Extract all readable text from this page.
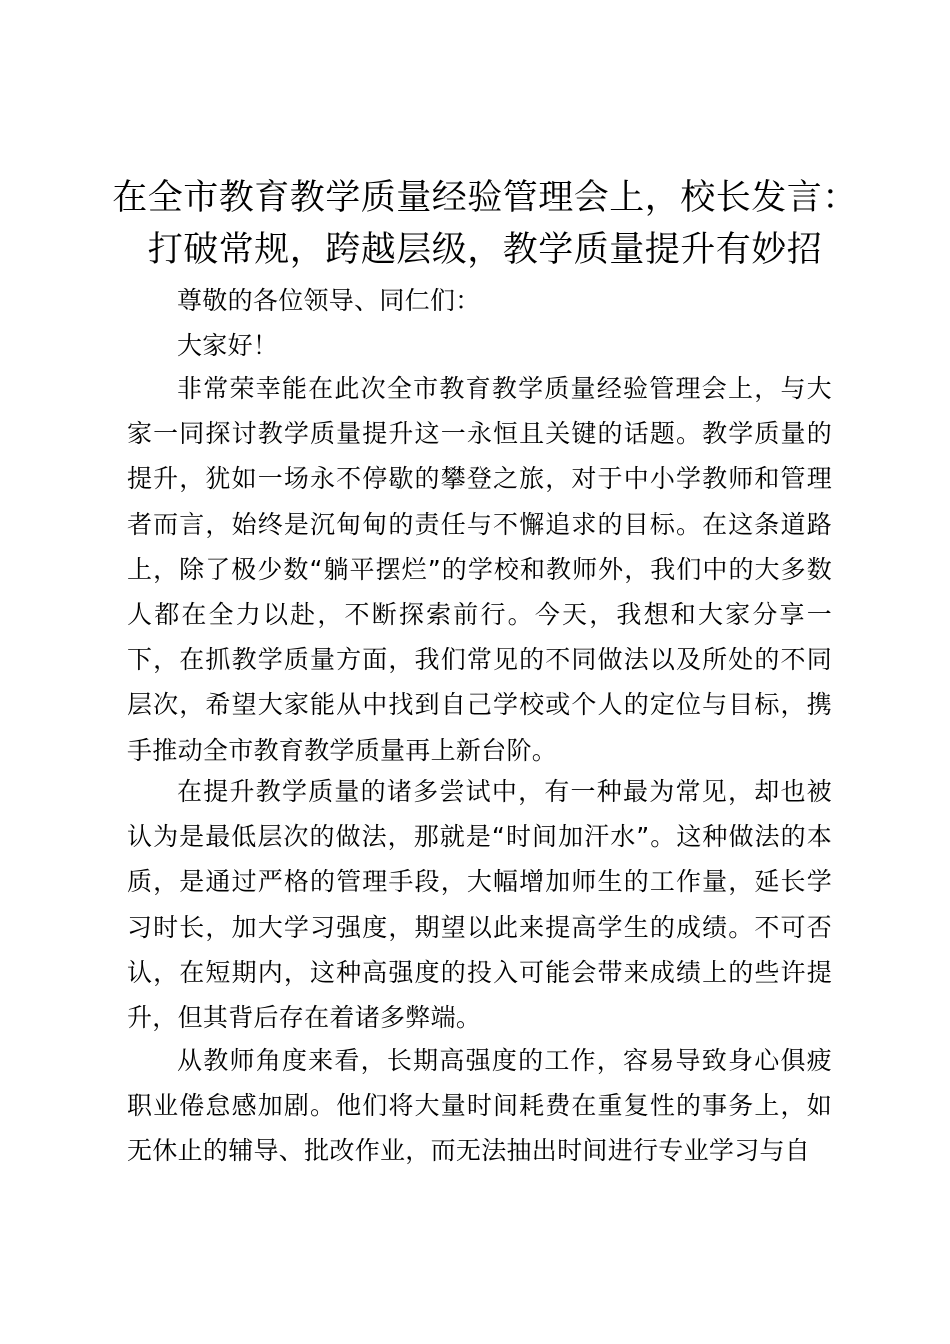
在全市教育教学质量经验管理会上，校长发言：
打破常规，跨越层级，教学质量提升有妙招

尊敬的各位领导、同仁们：

大家好！

非常荣幸能在此次全市教育教学质量经验管理会上，与大家一同探讨教学质量提升这一永恒且关键的话题。教学质量的提升，犹如一场永不停歇的攀登之旅，对于中小学教师和管理者而言，始终是沉甸甸的责任与不懈追求的目标。在这条道路上，除了极少数“躺平摆烂”的学校和教师外，我们中的大多数人都在全力以赴，不断探索前行。今天，我想和大家分享一下，在抓教学质量方面，我们常见的不同做法以及所处的不同层次，希望大家能从中找到自己学校或个人的定位与目标，携手推动全市教育教学质量再上新台阶。

在提升教学质量的诸多尝试中，有一种最为常见，却也被认为是最低层次的做法，那就是“时间加汗水”。这种做法的本质，是通过严格的管理手段，大幅增加师生的工作量，延长学习时长，加大学习强度，期望以此来提高学生的成绩。不可否认，在短期内，这种高强度的投入可能会带来成绩上的些许提升，但其背后存在着诸多弊端。

从教师角度来看，长期高强度的工作，容易导致身心俱疲职业倦怠感加剧。他们将大量时间耗费在重复性的事务上，如无休止的辅导、批改作业，而无法抽出时间进行专业学习与自
